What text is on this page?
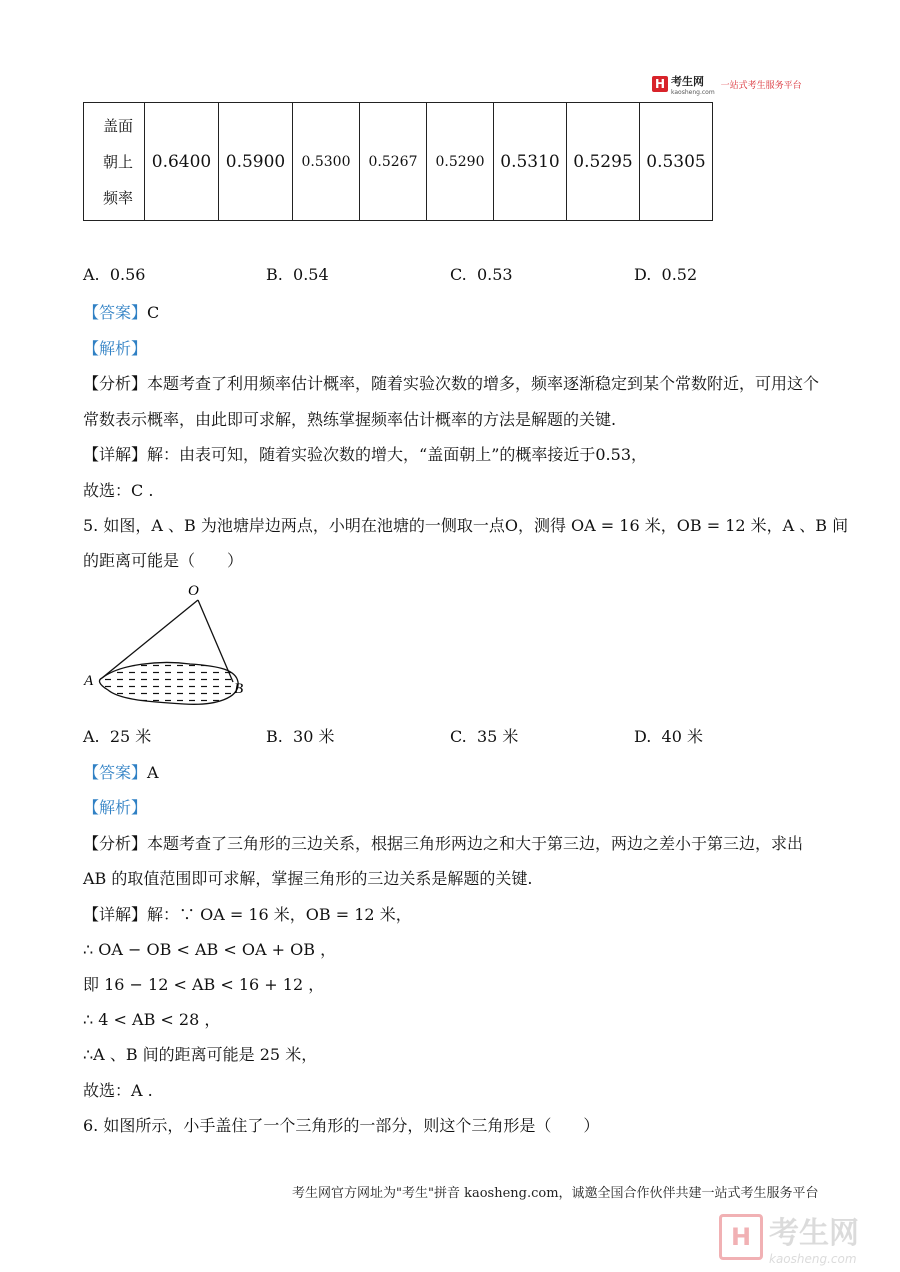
H 考生网
kaosheng.com
一站式考生服务平台
盖面
朝上
频率	0.6400	0.5900	0.5300	0.5267	0.5290	0.5310	0.5295	0.5305
A. 0.56	B. 0.54	C. 0.53	D. 0.52
【答案】C
【解析】
【分析】本题考查了利用频率估计概率，随着实验次数的增多，频率逐渐稳定到某个常数附近，可用这个
常数表示概率，由此即可求解，熟练掌握频率估计概率的方法是解题的关键.
【详解】解：由表可知，随着实验次数的增大，“盖面朝上”的概率接近于0.53，
故选：C .
5. 如图，A 、B 为池塘岸边两点，小明在池塘的一侧取一点O，测得 OA = 16 米，OB = 12 米，A 、B 间
的距离可能是（　　）
O
A	B
A. 25 米	B. 30 米	C. 35 米	D. 40 米
【答案】A
【解析】
【分析】本题考查了三角形的三边关系，根据三角形两边之和大于第三边，两边之差小于第三边，求出
AB 的取值范围即可求解，掌握三角形的三边关系是解题的关键.
【详解】解：∵ OA = 16 米，OB = 12 米，
∴ OA − OB < AB < OA + OB ，
即 16 − 12 < AB < 16 + 12 ，
∴ 4 < AB < 28 ，
∴A 、B 间的距离可能是 25 米，
故选：A .
6. 如图所示，小手盖住了一个三角形的一部分，则这个三角形是（　　）
考生网官方网址为"考生"拼音 kaosheng.com，诚邀全国合作伙伴共建一站式考生服务平台
H 考生网
kaosheng.com
